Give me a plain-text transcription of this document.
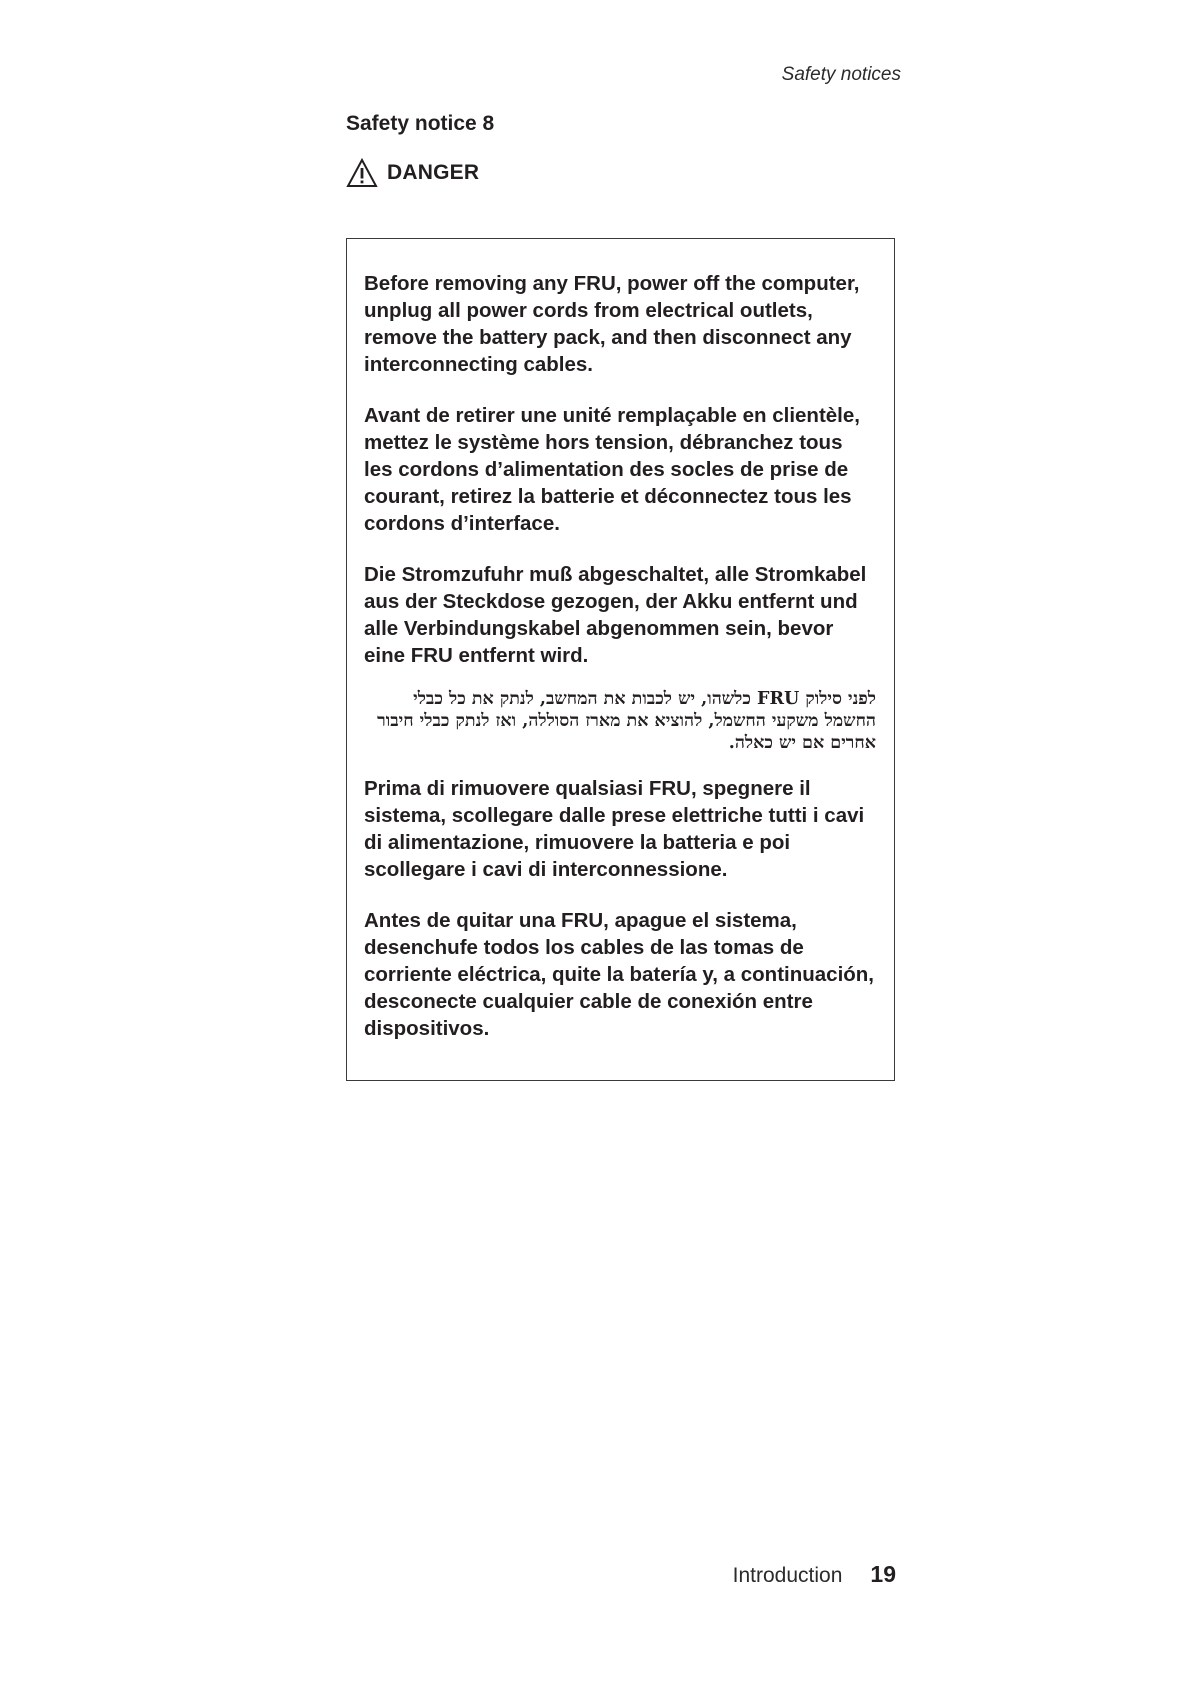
Safety notices
Safety notice 8
DANGER

Before removing any FRU, power off the computer, unplug all power cords from electrical outlets, remove the battery pack, and then disconnect any interconnecting cables.

Avant de retirer une unité remplaçable en clientèle, mettez le système hors tension, débranchez tous les cordons d’alimentation des socles de prise de courant, retirez la batterie et déconnectez tous les cordons d’interface.

Die Stromzufuhr muß abgeschaltet, alle Stromkabel aus der Steckdose gezogen, der Akku entfernt und alle Verbindungskabel abgenommen sein, bevor eine FRU entfernt wird.

לפני סילוק FRU כלשהו, יש לכבות את המחשב, לנתק את כל כבלי החשמל משקעי החשמל, להוציא את מארז הסוללה, ואז לנתק כבלי חיבור אחרים אם יש כאלה.

Prima di rimuovere qualsiasi FRU, spegnere il sistema, scollegare dalle prese elettriche tutti i cavi di alimentazione, rimuovere la batteria e poi scollegare i cavi di interconnessione.

Antes de quitar una FRU, apague el sistema, desenchufe todos los cables de las tomas de corriente eléctrica, quite la batería y, a continuación, desconecte cualquier cable de conexión entre dispositivos.

Introduction 19
